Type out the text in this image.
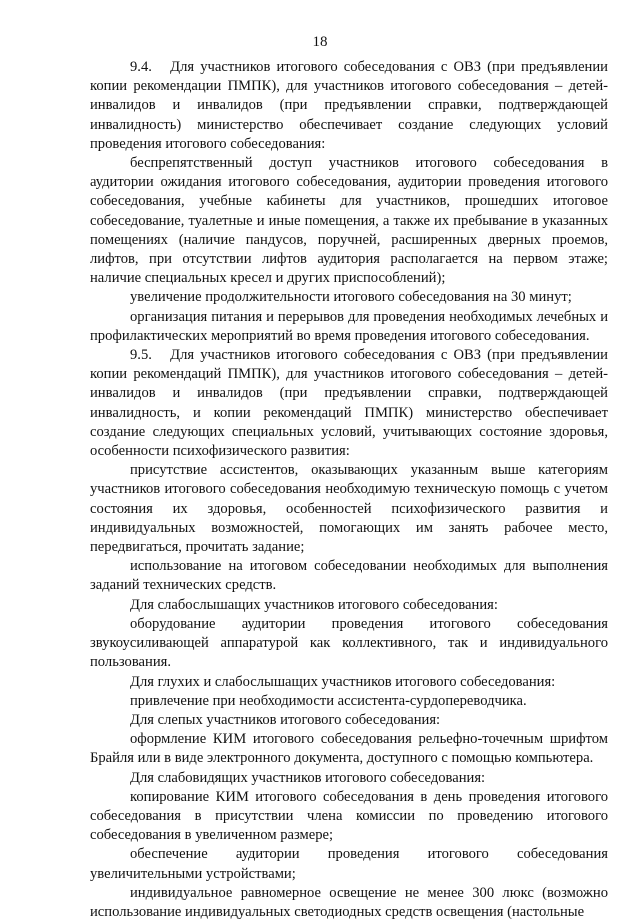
18

9.4.   Для участников итогового собеседования с ОВЗ (при предъявлении копии рекомендации ПМПК), для участников итогового собеседования – детей-инвалидов и инвалидов (при предъявлении справки, подтверждающей инвалидность) министерство обеспечивает создание следующих условий проведения итогового собеседования:

беспрепятственный доступ участников итогового собеседования в аудитории ожидания итогового собеседования, аудитории проведения итогового собеседования, учебные кабинеты для участников, прошедших итоговое собеседование, туалетные и иные помещения, а также их пребывание в указанных помещениях (наличие пандусов, поручней, расширенных дверных проемов, лифтов, при отсутствии лифтов аудитория располагается на первом этаже; наличие специальных кресел и других приспособлений);

увеличение продолжительности итогового собеседования на 30 минут;

организация питания и перерывов для проведения необходимых лечебных и профилактических мероприятий во время проведения итогового собеседования.

9.5.   Для участников итогового собеседования с ОВЗ (при предъявлении копии рекомендаций ПМПК), для участников итогового собеседования – детей-инвалидов и инвалидов (при предъявлении справки, подтверждающей инвалидность, и копии рекомендаций ПМПК) министерство обеспечивает создание следующих специальных условий, учитывающих состояние здоровья, особенности психофизического развития:

присутствие ассистентов, оказывающих указанным выше категориям участников итогового собеседования необходимую техническую помощь с учетом состояния их здоровья, особенностей психофизического развития и индивидуальных возможностей, помогающих им занять рабочее место, передвигаться, прочитать задание;

использование на итоговом собеседовании необходимых для выполнения заданий технических средств.

Для слабослышащих участников итогового собеседования:

оборудование аудитории проведения итогового собеседования звукоусиливающей аппаратурой как коллективного, так и индивидуального пользования.

Для глухих и слабослышащих участников итогового собеседования:

привлечение при необходимости ассистента-сурдопереводчика.

Для слепых участников итогового собеседования:

оформление КИМ итогового собеседования рельефно-точечным шрифтом Брайля или в виде электронного документа, доступного с помощью компьютера.

Для слабовидящих участников итогового собеседования:

копирование КИМ итогового собеседования в день проведения итогового собеседования в присутствии члена комиссии по проведению итогового собеседования в увеличенном размере;

обеспечение аудитории проведения итогового собеседования увеличительными устройствами;

индивидуальное равномерное освещение не менее 300 люкс (возможно использование индивидуальных светодиодных средств освещения (настольные
